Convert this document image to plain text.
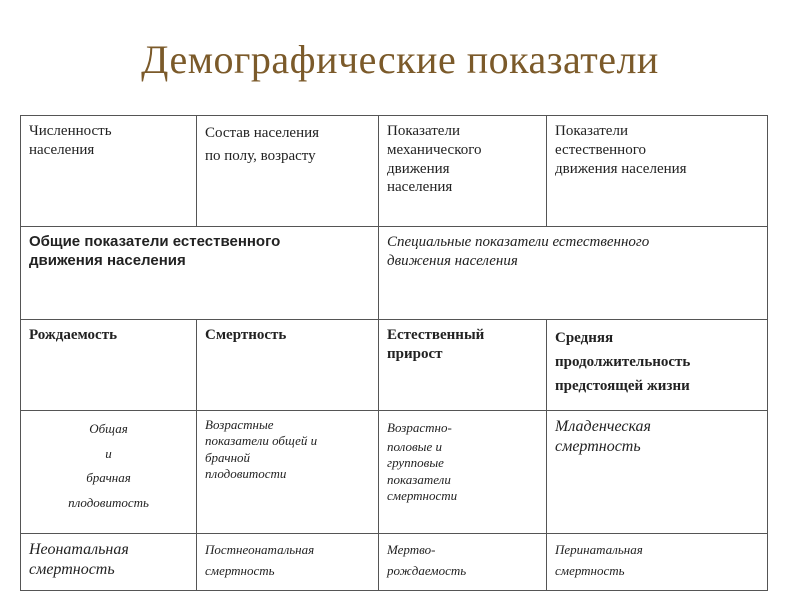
Демографические показатели
Численность
населения	Состав населения
по полу, возрасту	Показатели
механического
движения
населения	Показатели
естественного
движения населения

Общие показатели естественного
движения населения		Специальные показатели естественного
движения населения	

Рождаемость	Смертность	Естественный
прирост	Средняя
продолжительность
предстоящей жизни

Общая
и
брачная
плодовитость	Возрастные
показатели общей и
брачной
плодовитости	Возрастно-
половые и
групповые
показатели
смертности	Младенческая
смертность

Неонатальная
смертность	Постнеонатальная
смертность	Мертво-
рождаемость	Перинатальная
смертность
